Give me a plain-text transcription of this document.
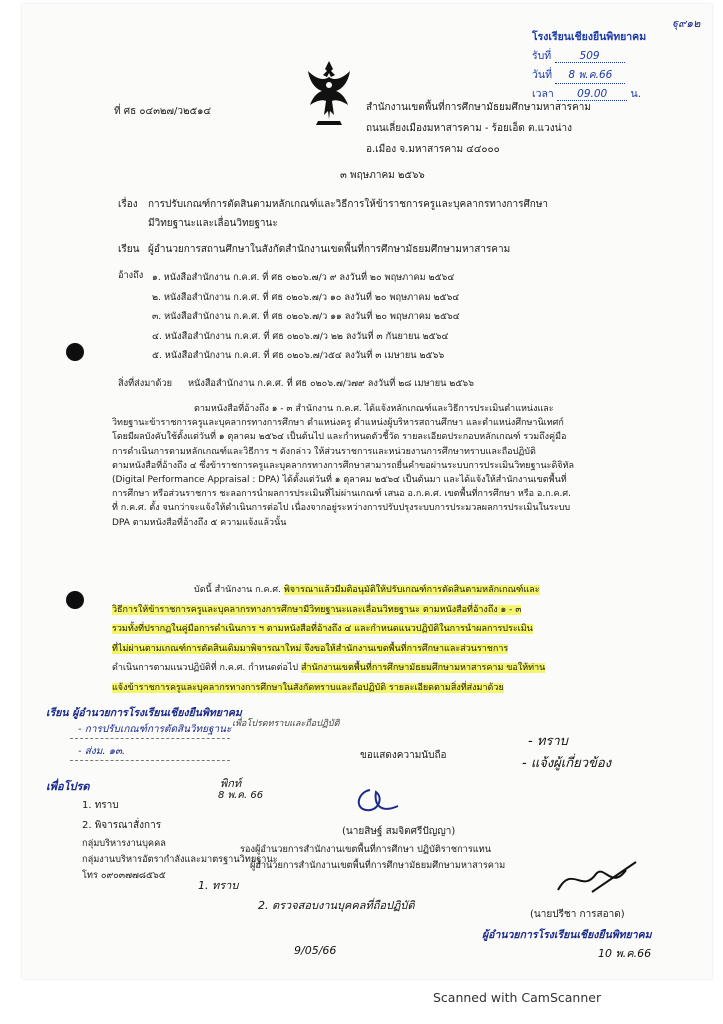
ฐุ๙๑๒
โรงเรียนเชียงยืนพิทยาคม
รับที่	509
วันที่ 8 พ.ค.66
เวลา 09.00 น.
ที่ ศธ ๐๔๓๒๗/ว๒๕๑๔	สำนักงานเขตพื้นที่การศึกษามัธยมศึกษามหาสารคาม
ถนนเลี่ยงเมืองมหาสารคาม - ร้อยเอ็ด ต.แวงน่าง
อ.เมือง จ.มหาสารคาม ๔๔๐๐๐
๓ พฤษภาคม ๒๕๖๖
เรื่อง การปรับเกณฑ์การตัดสินตามหลักเกณฑ์และวิธีการให้ข้าราชการครูและบุคลากรทางการศึกษา
มีวิทยฐานะและเลื่อนวิทยฐานะ
เรียน ผู้อำนวยการสถานศึกษาในสังกัดสำนักงานเขตพื้นที่การศึกษามัธยมศึกษามหาสารคาม
อ้างถึง ๑. หนังสือสำนักงาน ก.ค.ศ. ที่ ศธ ๐๒๐๖.๗/ว ๙ ลงวันที่ ๒๐ พฤษภาคม ๒๕๖๔
๒. หนังสือสำนักงาน ก.ค.ศ. ที่ ศธ ๐๒๐๖.๗/ว ๑๐ ลงวันที่ ๒๐ พฤษภาคม ๒๕๖๔
๓. หนังสือสำนักงาน ก.ค.ศ. ที่ ศธ ๐๒๐๖.๗/ว ๑๑ ลงวันที่ ๒๐ พฤษภาคม ๒๕๖๔
๔. หนังสือสำนักงาน ก.ค.ศ. ที่ ศธ ๐๒๐๖.๗/ว ๒๒ ลงวันที่ ๓ กันยายน ๒๕๖๔
๕. หนังสือสำนักงาน ก.ค.ศ. ที่ ศธ ๐๒๐๖.๗/ว๕๔ ลงวันที่ ๓ เมษายน ๒๕๖๖
สิ่งที่ส่งมาด้วย หนังสือสำนักงาน ก.ค.ศ. ที่ ศธ ๐๒๐๖.๗/ว๗๙ ลงวันที่ ๒๘ เมษายน ๒๕๖๖
ตามหนังสือที่อ้างถึง ๑ - ๓ สำนักงาน ก.ค.ศ. ได้แจ้งหลักเกณฑ์และวิธีการประเมินตำแหน่งและ
วิทยฐานะข้าราชการครูและบุคลากรทางการศึกษา ตำแหน่งครู ตำแหน่งผู้บริหารสถานศึกษา และตำแหน่งศึกษานิเทศก์
โดยมีผลบังคับใช้ตั้งแต่วันที่ ๑ ตุลาคม ๒๕๖๔ เป็นต้นไป และกำหนดตัวชี้วัด รายละเอียดประกอบหลักเกณฑ์ รวมถึงคู่มือ
การดำเนินการตามหลักเกณฑ์และวิธีการ ฯ ดังกล่าว ให้ส่วนราชการและหน่วยงานการศึกษาทราบและถือปฏิบัติ
ตามหนังสือที่อ้างถึง ๔ ซึ่งข้าราชการครูและบุคลากรทางการศึกษาสามารถยื่นคำขอผ่านระบบการประเมินวิทยฐานะดิจิทัล
(Digital Performance Appraisal : DPA) ได้ตั้งแต่วันที่ ๑ ตุลาคม ๒๕๖๔ เป็นต้นมา และได้แจ้งให้สำนักงานเขตพื้นที่
การศึกษา หรือส่วนราชการ ชะลอการนำผลการประเมินที่ไม่ผ่านเกณฑ์ เสนอ อ.ก.ค.ศ. เขตพื้นที่การศึกษา หรือ อ.ก.ค.ศ.
ที่ ก.ค.ศ. ตั้ง จนกว่าจะแจ้งให้ดำเนินการต่อไป เนื่องจากอยู่ระหว่างการปรับปรุงระบบการประมวลผลการประเมินในระบบ
DPA ตามหนังสือที่อ้างถึง ๕ ความแจ้งแล้วนั้น
บัดนี้ สำนักงาน ก.ค.ศ. พิจารณาแล้วมีมติอนุมัติให้ปรับเกณฑ์การตัดสินตามหลักเกณฑ์และ
วิธีการให้ข้าราชการครูและบุคลากรทางการศึกษามีวิทยฐานะและเลื่อนวิทยฐานะ ตามหนังสือที่อ้างถึง ๑ - ๓
รวมทั้งที่ปรากฏในคู่มือการดำเนินการ ฯ ตามหนังสือที่อ้างถึง ๔ และกำหนดแนวปฏิบัติในการนำผลการประเมิน
ที่ไม่ผ่านตามเกณฑ์การตัดสินเดิมมาพิจารณาใหม่ จึงขอให้สำนักงานเขตพื้นที่การศึกษาและส่วนราชการ
ดำเนินการตามแนวปฏิบัติที่ ก.ค.ศ. กำหนดต่อไป สำนักงานเขตพื้นที่การศึกษามัธยมศึกษามหาสารคาม ขอให้ท่าน
แจ้งข้าราชการครูและบุคลากรทางการศึกษาในสังกัดทราบและถือปฏิบัติ รายละเอียดตามสิ่งที่ส่งมาด้วย
เรียน ผู้อำนวยการโรงเรียนเชียงยืนพิทยาคม
- การปรับเกณฑ์การตัดสินวิทยฐานะ เพื่อโปรดทราบและถือปฏิบัติ
- ส่งม. ๑๓.	ขอแสดงความนับถือ
- ทราบ
- แจ้งผู้เกี่ยวข้อง
เพื่อโปรด
1. ทราบ
2. พิจารณาสั่งการ
พิกท์
8 พ.ค. 66
(นายสิษฐ์ สมจิตศรีปัญญา)
รองผู้อำนวยการสำนักงานเขตพื้นที่การศึกษา ปฏิบัติราชการแทน
ผู้อำนวยการสำนักงานเขตพื้นที่การศึกษามัธยมศึกษามหาสารคาม
กลุ่มบริหารงานบุคคล
กลุ่มงานบริหารอัตรากำลังและมาตรฐานวิทยฐานะ
โทร ๐๙๐๓๗๗๘๕๖๕
1. ทราบ
2. ตรวจสอบงานบุคคลที่ถือปฏิบัติ
9/05/66
(นายปรีชา การสอาด)
ผู้อำนวยการโรงเรียนเชียงยืนพิทยาคม
10 พ.ค.66
Scanned with CamScanner
